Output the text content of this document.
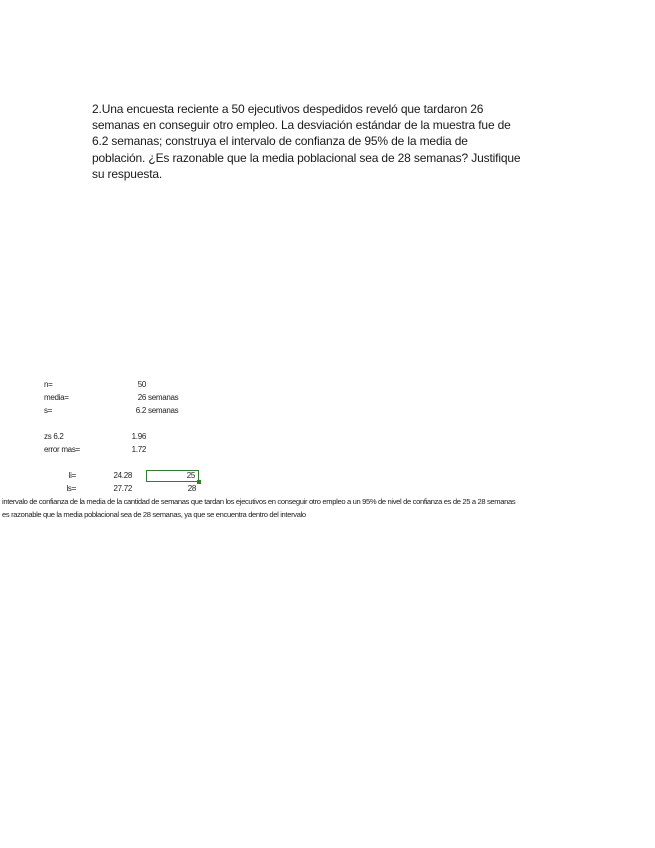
2.Una encuesta reciente a 50 ejecutivos despedidos reveló que tardaron 26
semanas en conseguir otro empleo. La desviación estándar de la muestra fue de
6.2 semanas; construya el intervalo de confianza de 95% de la media de
población. ¿Es razonable que la media poblacional sea de 28 semanas? Justifique
su respuesta.
n=	50
media=	26 semanas
s=	6.2 semanas
zs 6.2	1.96
error mas=	1.72
li=	24.28	25
ls=	27.72	28
intervalo de confianza de la media de la cantidad de semanas que tardan los ejecutivos en conseguir otro empleo a un 95% de nivel de confianza es de 25 a 28 semanas
es razonable que la media poblacional sea de 28 semanas, ya que se encuentra dentro del intervalo
